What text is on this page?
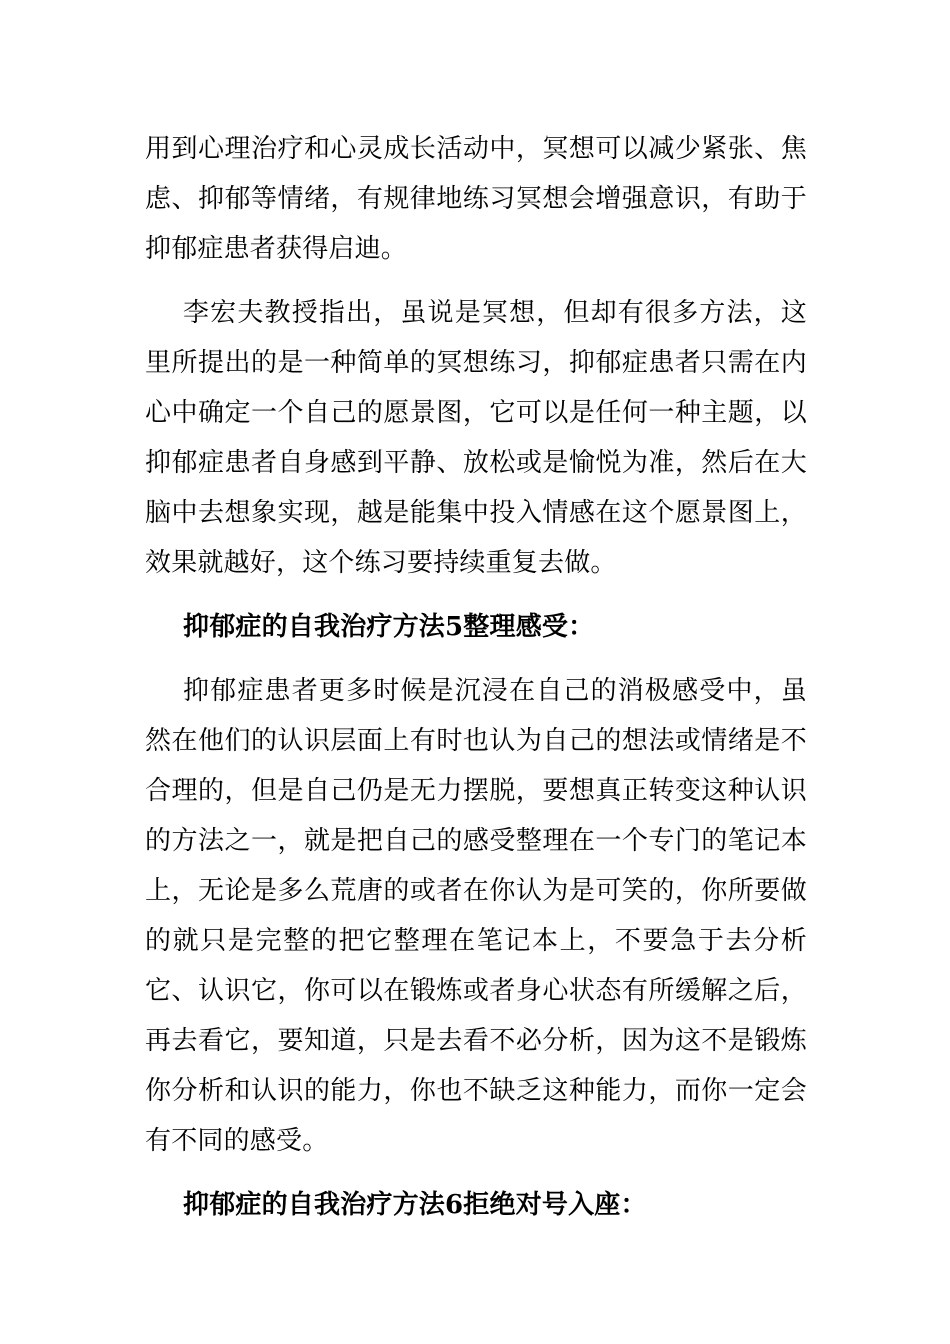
用到心理治疗和心灵成长活动中，冥想可以减少紧张、焦虑、抑郁等情绪，有规律地练习冥想会增强意识，有助于抑郁症患者获得启迪。

李宏夫教授指出，虽说是冥想，但却有很多方法，这里所提出的是一种简单的冥想练习，抑郁症患者只需在内心中确定一个自己的愿景图，它可以是任何一种主题，以抑郁症患者自身感到平静、放松或是愉悦为准，然后在大脑中去想象实现，越是能集中投入情感在这个愿景图上，效果就越好，这个练习要持续重复去做。

抑郁症的自我治疗方法5整理感受：

抑郁症患者更多时候是沉浸在自己的消极感受中，虽然在他们的认识层面上有时也认为自己的想法或情绪是不合理的，但是自己仍是无力摆脱，要想真正转变这种认识的方法之一，就是把自己的感受整理在一个专门的笔记本上，无论是多么荒唐的或者在你认为是可笑的，你所要做的就只是完整的把它整理在笔记本上，不要急于去分析它、认识它，你可以在锻炼或者身心状态有所缓解之后，再去看它，要知道，只是去看不必分析，因为这不是锻炼你分析和认识的能力，你也不缺乏这种能力，而你一定会有不同的感受。

抑郁症的自我治疗方法6拒绝对号入座：
